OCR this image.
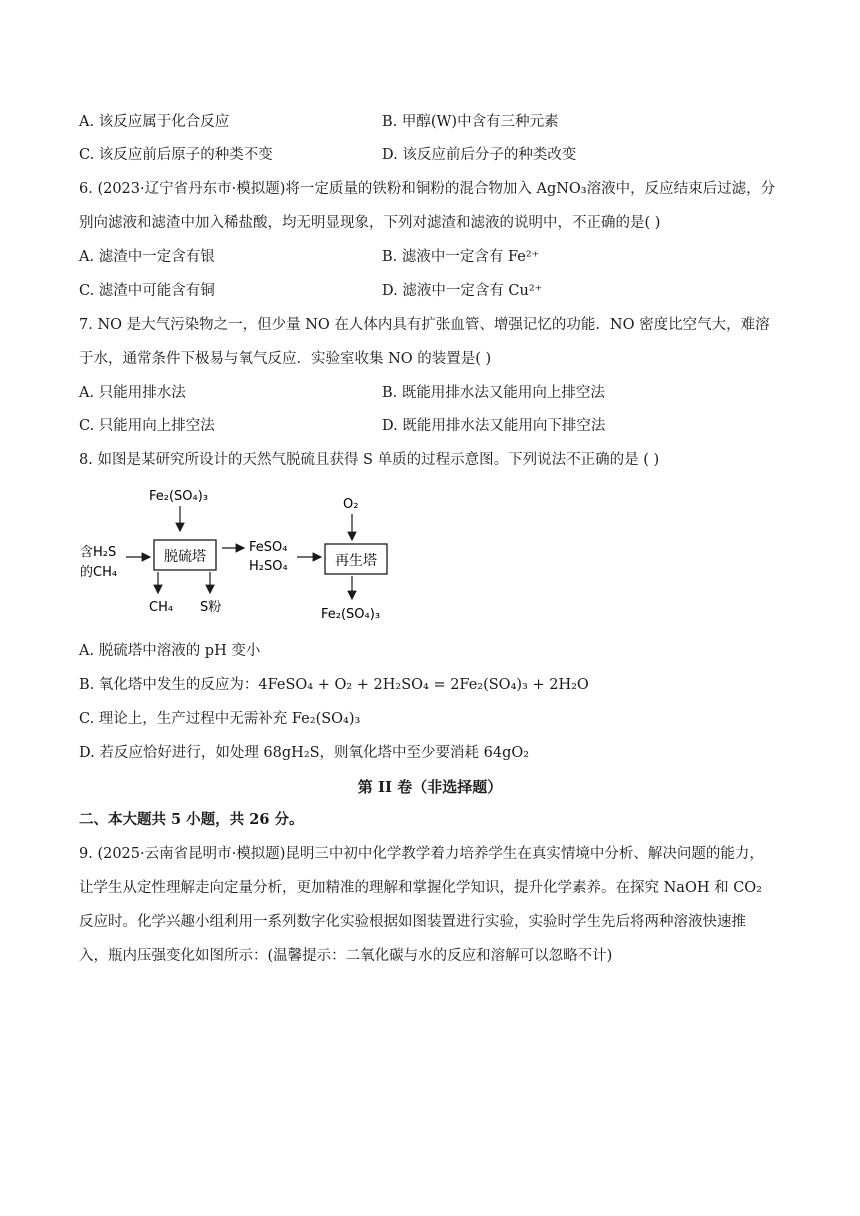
A. 该反应属于化合反应	B. 甲醇(W)中含有三种元素
C. 该反应前后原子的种类不变	D. 该反应前后分子的种类改变
6. (2023·辽宁省丹东市·模拟题)将一定质量的铁粉和铜粉的混合物加入 AgNO₃溶液中，反应结束后过滤，分
别向滤液和滤渣中加入稀盐酸，均无明显现象，下列对滤渣和滤液的说明中，不正确的是( )
A. 滤渣中一定含有银	B. 滤液中一定含有 Fe²⁺
C. 滤渣中可能含有铜	D. 滤液中一定含有 Cu²⁺
7. NO 是大气污染物之一，但少量 NO 在人体内具有扩张血管、增强记忆的功能．NO 密度比空气大，难溶
于水，通常条件下极易与氧气反应．实验室收集 NO 的装置是( )
A. 只能用排水法	B. 既能用排水法又能用向上排空法
C. 只能用向上排空法	D. 既能用排水法又能用向下排空法
8. 如图是某研究所设计的天然气脱硫且获得 S 单质的过程示意图。下列说法不正确的是 ( )
Fe₂(SO₄)₃
含H₂S
的CH₄
脱硫塔
CH₄ S粉
FeSO₄
H₂SO₄
O₂
再生塔
Fe₂(SO₄)₃
A. 脱硫塔中溶液的 pH 变小
B. 氧化塔中发生的反应为：4FeSO₄ + O₂ + 2H₂SO₄ = 2Fe₂(SO₄)₃ + 2H₂O
C. 理论上，生产过程中无需补充 Fe₂(SO₄)₃
D. 若反应恰好进行，如处理 68gH₂S，则氧化塔中至少要消耗 64gO₂
第 II 卷（非选择题）
二、本大题共 5 小题，共 26 分。
9. (2025·云南省昆明市·模拟题)昆明三中初中化学教学着力培养学生在真实情境中分析、解决问题的能力，
让学生从定性理解走向定量分析，更加精准的理解和掌握化学知识，提升化学素养。在探究 NaOH 和 CO₂
反应时。化学兴趣小组利用一系列数字化实验根据如图装置进行实验，实验时学生先后将两种溶液快速推
入，瓶内压强变化如图所示：(温馨提示：二氧化碳与水的反应和溶解可以忽略不计)
